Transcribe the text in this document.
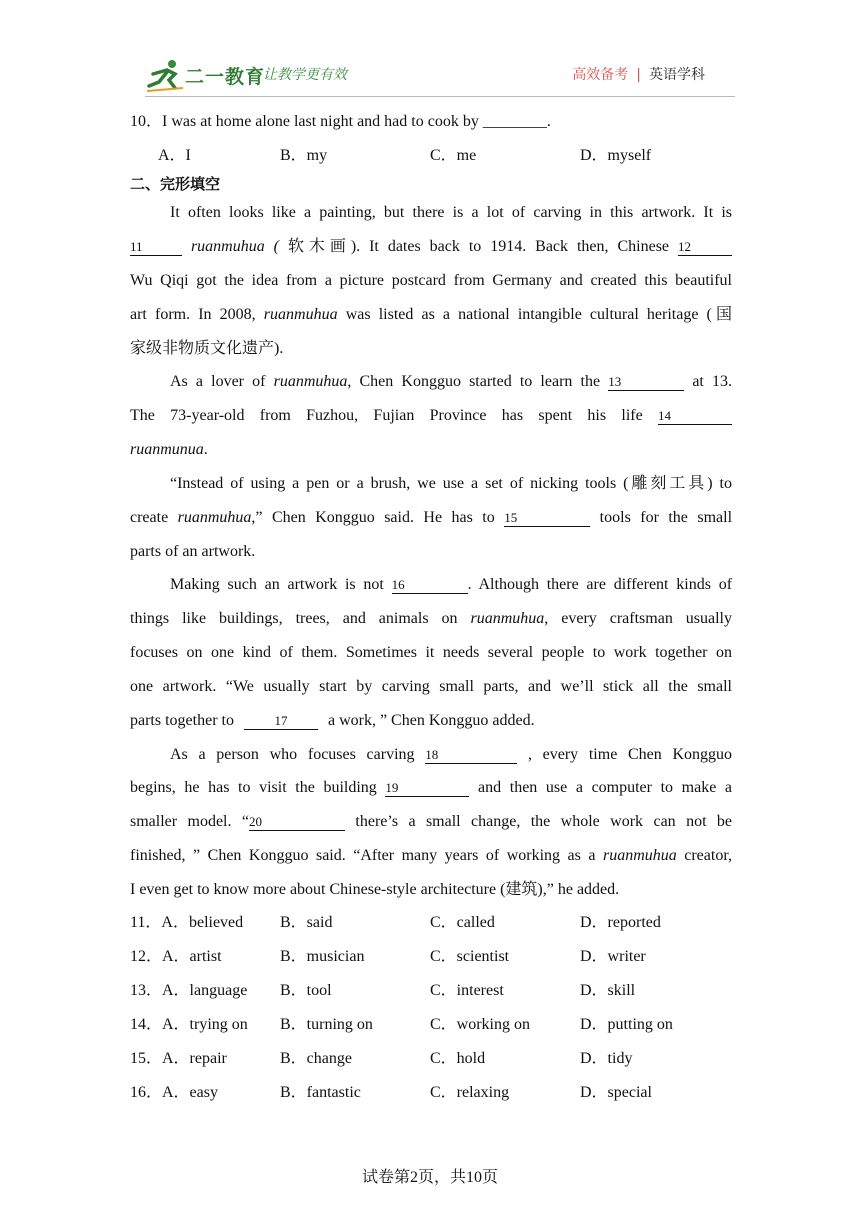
二一教育
让教学更有效	高效备考 | 英语学科
10．I was at home alone last night and had to cook by ________.
A．I	B．my	C．me	D．myself
二、完形填空
It often looks like a painting, but there is a lot of carving in this artwork. It is
11	ruanmuhua ( 软木画). It dates back to 1914. Back then, Chinese 12
Wu Qiqi got the idea from a picture postcard from Germany and created this beautiful
art form. In 2008, ruanmuhua was listed as a national intangible cultural heritage (国
家级非物质文化遗产).
As a lover of ruanmuhua, Chen Kongguo started to learn the 13	at 13.
The 73-year-old from Fuzhou, Fujian Province has spent his life 14
ruanmunua.
“Instead of using a pen or a brush, we use a set of nicking tools (雕刻工具) to
create ruanmuhua,” Chen Kongguo said. He has to 15	tools for the small
parts of an artwork.
Making such an artwork is not 16	. Although there are different kinds of
things like buildings, trees, and animals on ruanmuhua, every craftsman usually
focuses on one kind of them. Sometimes it needs several people to work together on
one artwork. “We usually start by carving small parts, and we’ll stick all the small
parts together to	17	a work, ” Chen Kongguo added.
As a person who focuses carving 18	, every time Chen Kongguo
begins, he has to visit the building 19	and then use a computer to make a
smaller model. “20	there’s a small change, the whole work can not be
finished, ” Chen Kongguo said. “After many years of working as a ruanmuhua creator,
I even get to know more about Chinese-style architecture (建筑),” he added.
11．A．believed B．said	C．called	D．reported
12．A．artist	B．musician	C．scientist	D．writer
13．A．language B．tool	C．interest	D．skill
14．A．trying on B．turning on	C．working on	D．putting on
15．A．repair	B．change	C．hold	D．tidy
16．A．easy	B．fantastic	C．relaxing	D．special
试卷第2页，共10页
